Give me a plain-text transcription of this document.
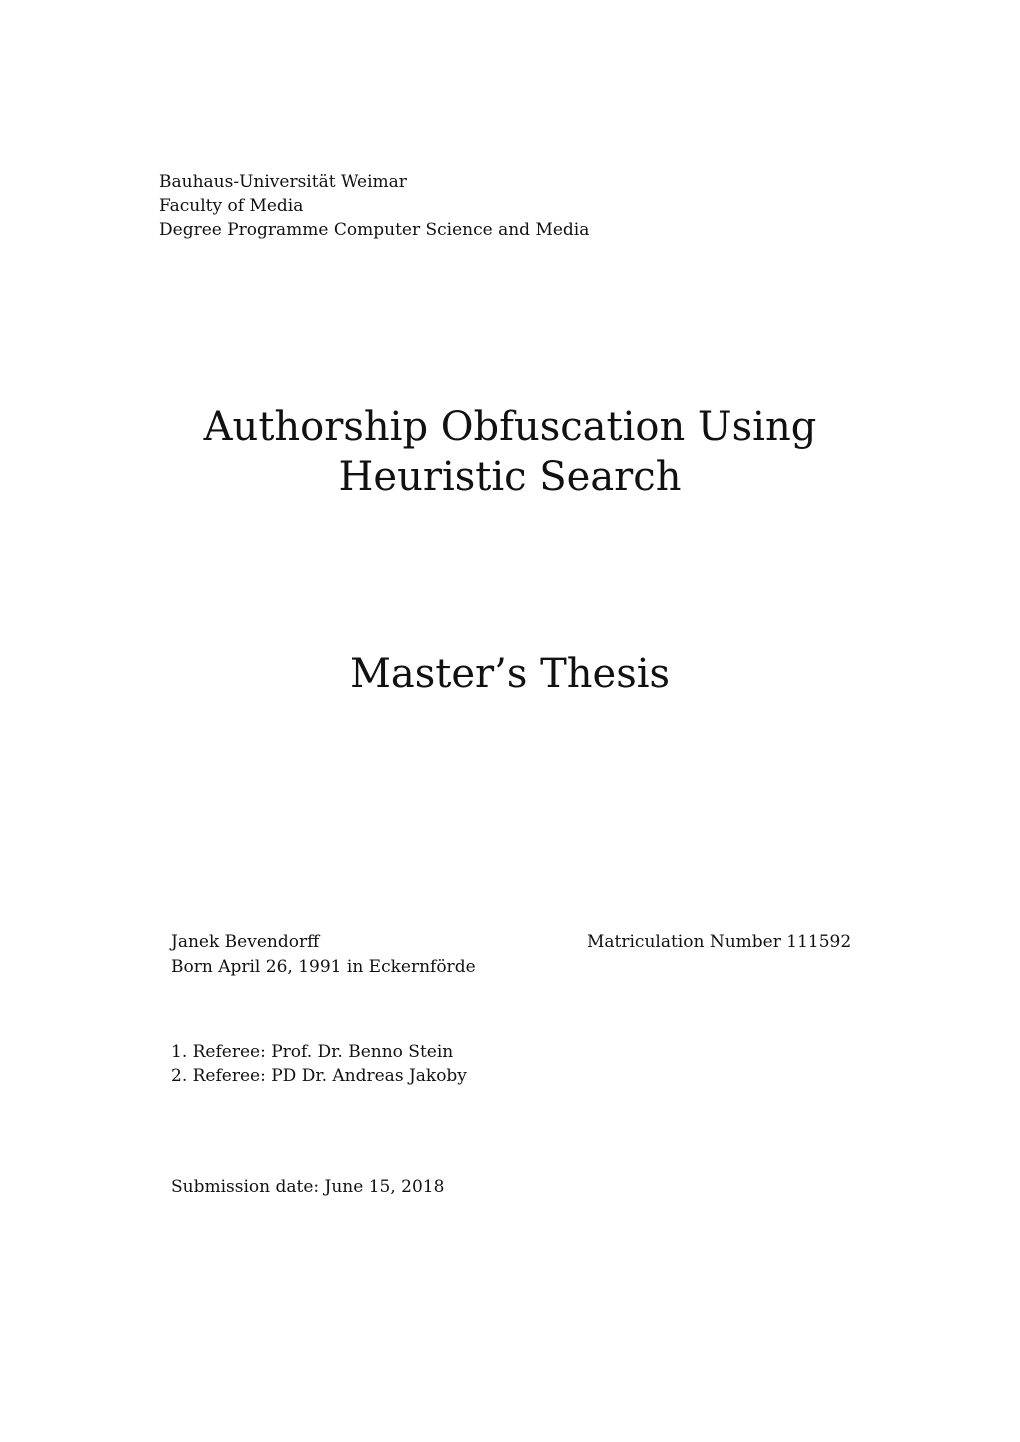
Bauhaus-Universität Weimar
Faculty of Media
Degree Programme Computer Science and Media
Authorship Obfuscation Using
Heuristic Search
Master’s Thesis
Janek Bevendorff	Matriculation Number 111592
Born April 26, 1991 in Eckernförde
1. Referee: Prof. Dr. Benno Stein
2. Referee: PD Dr. Andreas Jakoby
Submission date: June 15, 2018
